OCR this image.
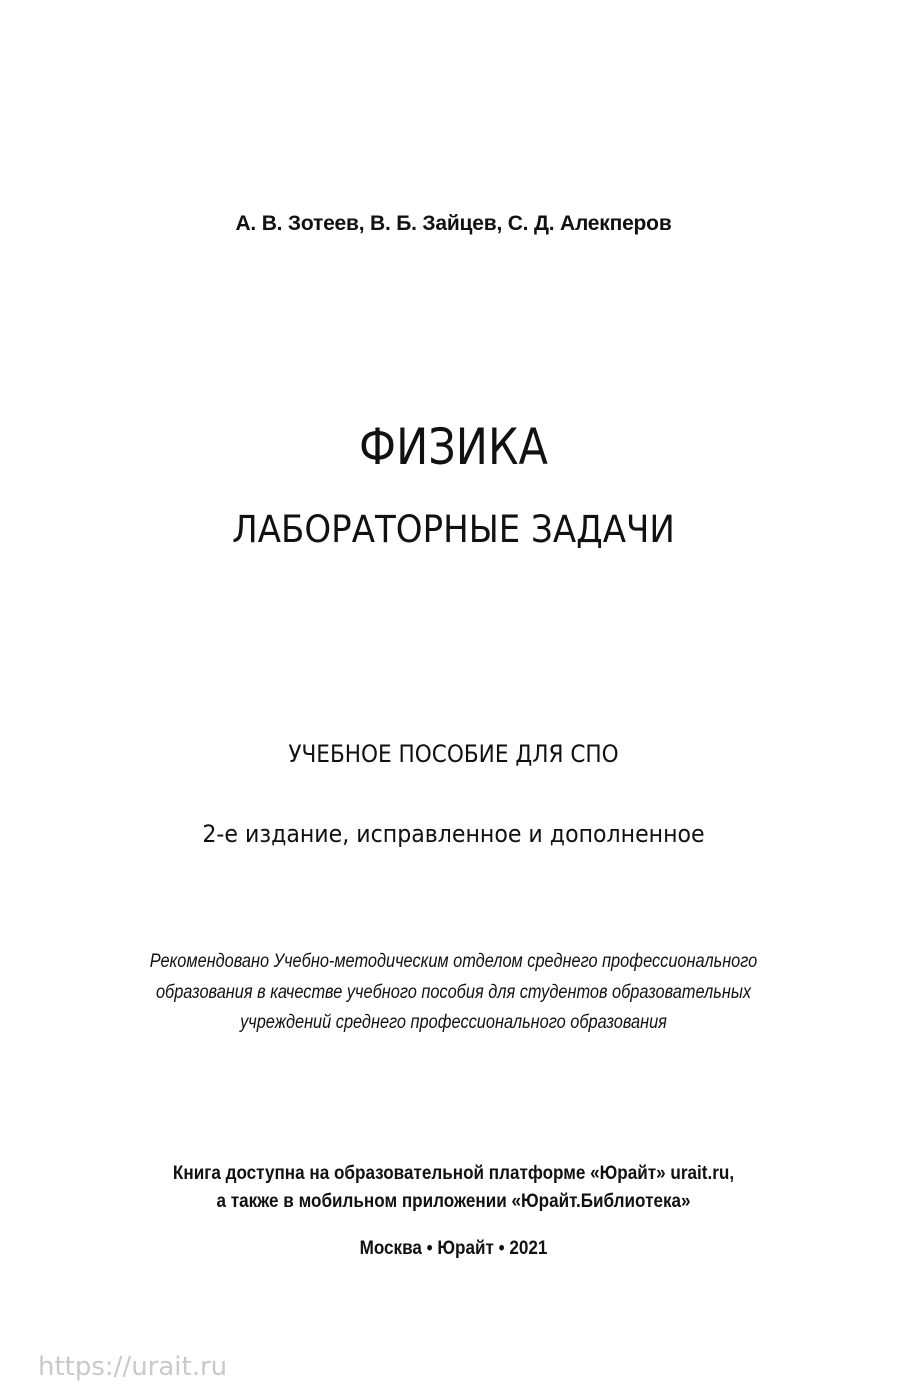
А. В. Зотеев, В. Б. Зайцев, С. Д. Алекперов
ФИЗИКА
ЛАБОРАТОРНЫЕ ЗАДАЧИ
УЧЕБНОЕ ПОСОБИЕ ДЛЯ СПО
2-е издание, исправленное и дополненное
Рекомендовано Учебно-методическим отделом среднего профессионального
образования в качестве учебного пособия для студентов образовательных
учреждений среднего профессионального образования
Книга доступна на образовательной платформе «Юрайт» urait.ru,
а также в мобильном приложении «Юрайт.Библиотека»
Москва • Юрайт • 2021
https://urait.ru
